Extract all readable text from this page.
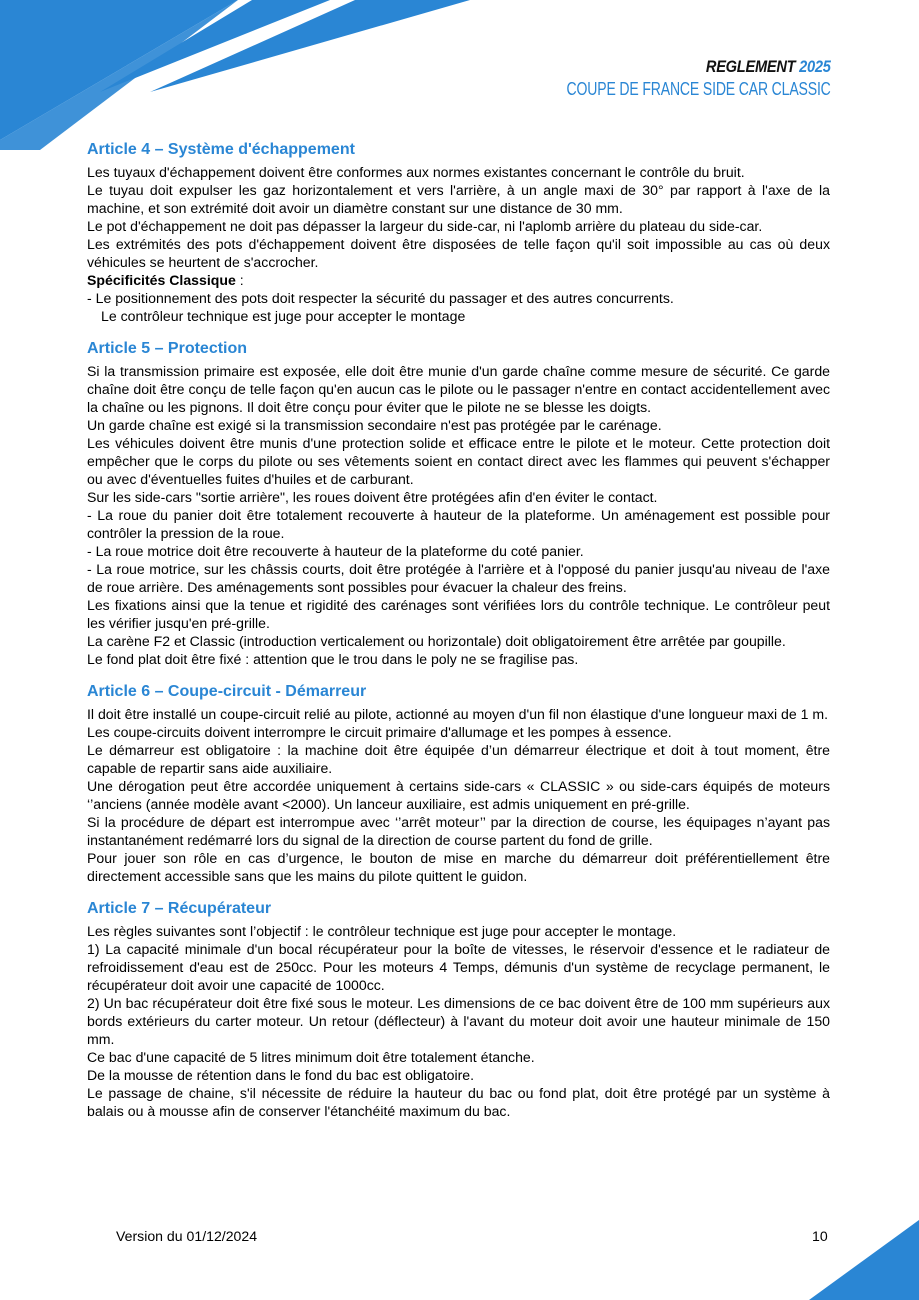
REGLEMENT 2025
COUPE DE FRANCE SIDE CAR CLASSIC
Article 4 – Système d'échappement

Les tuyaux d'échappement doivent être conformes aux normes existantes concernant le contrôle du bruit.

Le tuyau doit expulser les gaz horizontalement et vers l'arrière, à un angle maxi de 30° par rapport à l'axe de la machine, et son extrémité doit avoir un diamètre constant sur une distance de 30 mm.

Le pot d'échappement ne doit pas dépasser la largeur du side-car, ni l'aplomb arrière du plateau du side-car.

Les extrémités des pots d'échappement doivent être disposées de telle façon qu'il soit impossible au cas où deux véhicules se heurtent de s'accrocher.

Spécificités Classique :

- Le positionnement des pots doit respecter la sécurité du passager et des autres concurrents.

Le contrôleur technique est juge pour accepter le montage

Article 5 – Protection

Si la transmission primaire est exposée, elle doit être munie d'un garde chaîne comme mesure de sécurité. Ce garde chaîne doit être conçu de telle façon qu'en aucun cas le pilote ou le passager n'entre en contact accidentellement avec la chaîne ou les pignons. Il doit être conçu pour éviter que le pilote ne se blesse les doigts.

Un garde chaîne est exigé si la transmission secondaire n'est pas protégée par le carénage.

Les véhicules doivent être munis d'une protection solide et efficace entre le pilote et le moteur. Cette protection doit empêcher que le corps du pilote ou ses vêtements soient en contact direct avec les flammes qui peuvent s'échapper ou avec d'éventuelles fuites d'huiles et de carburant.

Sur les side-cars "sortie arrière", les roues doivent être protégées afin d'en éviter le contact.

- La roue du panier doit être totalement recouverte à hauteur de la plateforme. Un aménagement est possible pour contrôler la pression de la roue.

- La roue motrice doit être recouverte à hauteur de la plateforme du coté panier.

- La roue motrice, sur les châssis courts, doit être protégée à l'arrière et à l'opposé du panier jusqu'au niveau de l'axe de roue arrière. Des aménagements sont possibles pour évacuer la chaleur des freins.

Les fixations ainsi que la tenue et rigidité des carénages sont vérifiées lors du contrôle technique. Le contrôleur peut les vérifier jusqu'en pré-grille.

La carène F2 et Classic (introduction verticalement ou horizontale) doit obligatoirement être arrêtée par goupille.

Le fond plat doit être fixé : attention que le trou dans le poly ne se fragilise pas.

Article 6 – Coupe-circuit - Démarreur

Il doit être installé un coupe-circuit relié au pilote, actionné au moyen d'un fil non élastique d'une longueur maxi de 1 m.

Les coupe-circuits doivent interrompre le circuit primaire d'allumage et les pompes à essence.

Le démarreur est obligatoire : la machine doit être équipée d’un démarreur électrique et doit à tout moment, être capable de repartir sans aide auxiliaire.

Une dérogation peut être accordée uniquement à certains side-cars « CLASSIC » ou side-cars équipés de moteurs ‘’anciens (année modèle avant <2000). Un lanceur auxiliaire, est admis uniquement en pré-grille.

Si la procédure de départ est interrompue avec ‘’arrêt moteur’’ par la direction de course, les équipages n’ayant pas instantanément redémarré lors du signal de la direction de course partent du fond de grille.

Pour jouer son rôle en cas d’urgence, le bouton de mise en marche du démarreur doit préférentiellement être directement accessible sans que les mains du pilote quittent le guidon.

Article 7 – Récupérateur

Les règles suivantes sont l’objectif : le contrôleur technique est juge pour accepter le montage.

1) La capacité minimale d'un bocal récupérateur pour la boîte de vitesses, le réservoir d'essence et le radiateur de refroidissement d'eau est de 250cc. Pour les moteurs 4 Temps, démunis d'un système de recyclage permanent, le récupérateur doit avoir une capacité de 1000cc.

2) Un bac récupérateur doit être fixé sous le moteur. Les dimensions de ce bac doivent être de 100 mm supérieurs aux bords extérieurs du carter moteur. Un retour (déflecteur) à l'avant du moteur doit avoir une hauteur minimale de 150 mm.

Ce bac d'une capacité de 5 litres minimum doit être totalement étanche.

De la mousse de rétention dans le fond du bac est obligatoire.

Le passage de chaine, s'il nécessite de réduire la hauteur du bac ou fond plat, doit être protégé par un système à balais ou à mousse afin de conserver l'étanchéité maximum du bac.

Version du 01/12/2024	10
